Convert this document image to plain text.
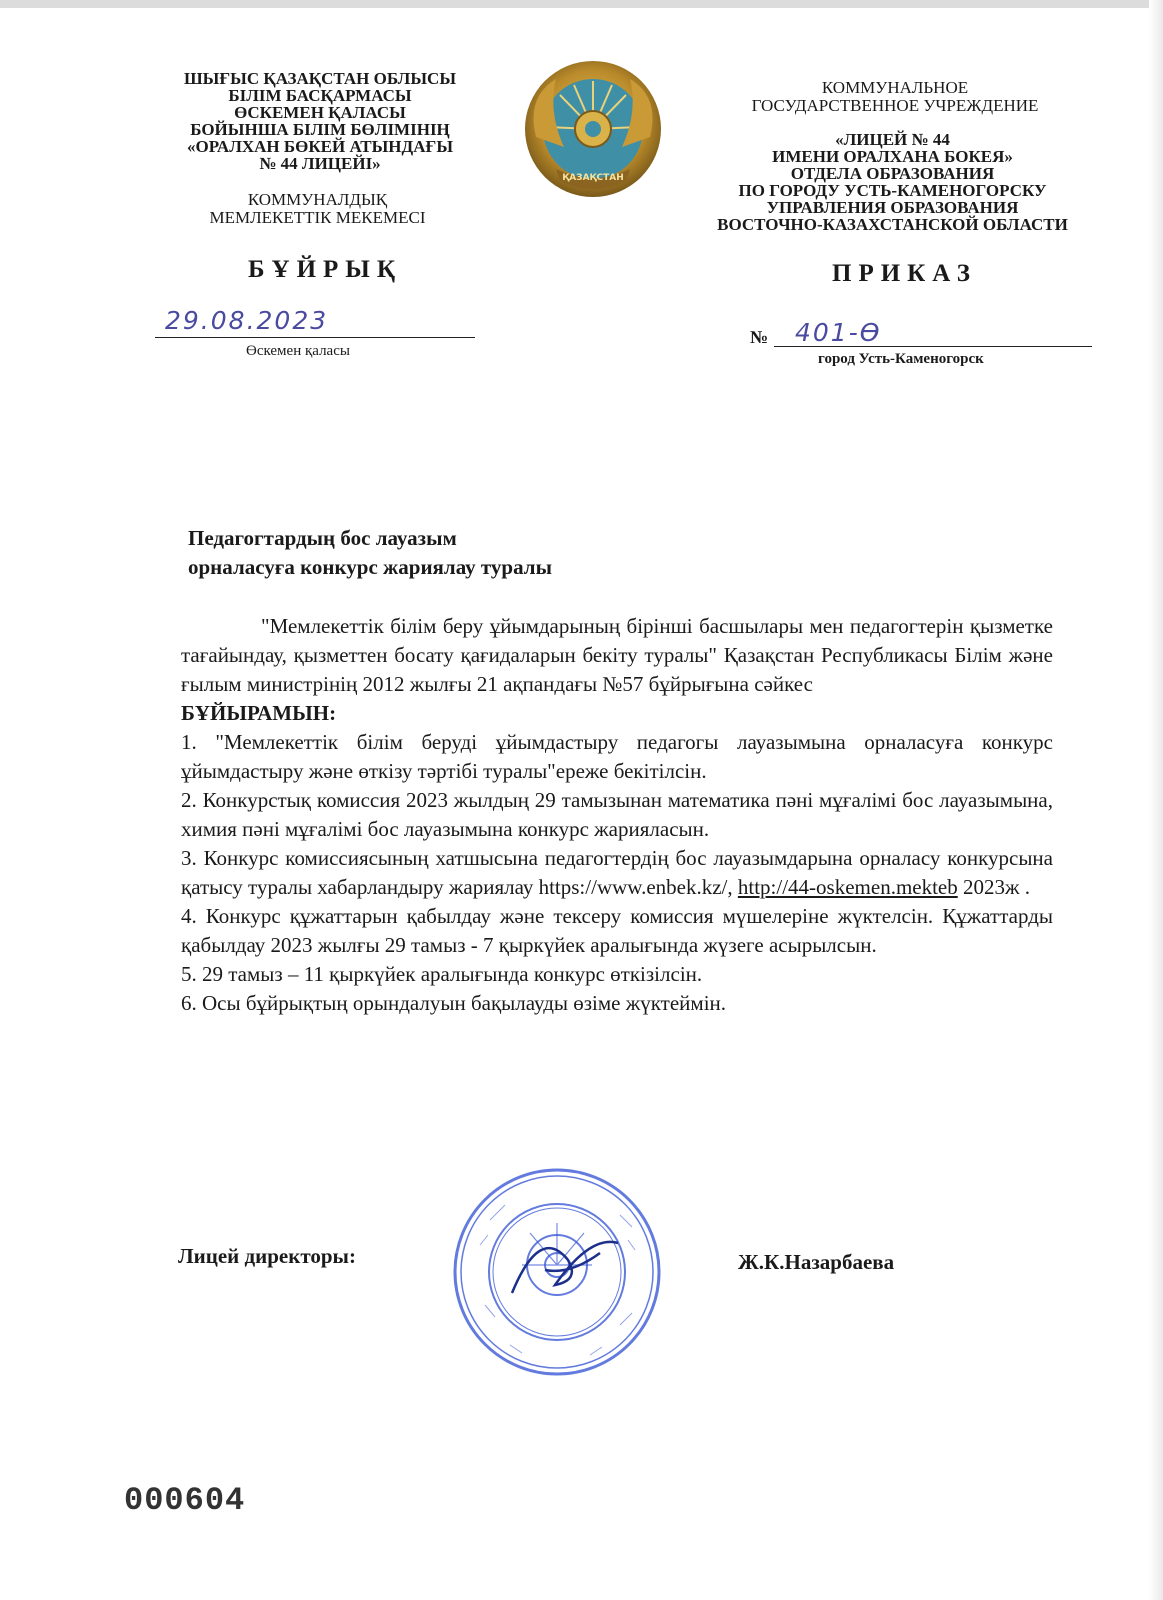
ШЫҒЫС ҚАЗАҚСТАН ОБЛЫСЫ
БІЛІМ БАСҚАРМАСЫ
ӨСКЕМЕН ҚАЛАСЫ
БОЙЫНША БІЛІМ БӨЛІМІНІҢ
«ОРАЛХАН БӨКЕЙ АТЫНДАҒЫ
№ 44 ЛИЦЕЙІ»
КОММУНАЛДЫҚ
МЕМЛЕКЕТТІК МЕКЕМЕСІ
ҚАЗАҚСТАН
КОММУНАЛЬНОЕ
ГОСУДАРСТВЕННОЕ УЧРЕЖДЕНИЕ
«ЛИЦЕЙ № 44
ИМЕНИ ОРАЛХАНА БОКЕЯ»
ОТДЕЛА ОБРАЗОВАНИЯ
ПО ГОРОДУ УСТЬ-КАМЕНОГОРСКУ
УПРАВЛЕНИЯ ОБРАЗОВАНИЯ
ВОСТОЧНО-КАЗАХСТАНСКОЙ ОБЛАСТИ
БҰЙРЫҚ	ПРИКАЗ
29.08.2023
Өскемен қаласы
№ 401-Ө
город Усть-Каменогорск
Педагогтардың бос лауазым
орналасуға конкурс жариялау туралы

"Мемлекеттік білім беру ұйымдарының бірінші басшылары мен педагогтерін қызметке тағайындау, қызметтен босату қағидаларын бекіту туралы" Қазақстан Республикасы Білім және ғылым министрінің 2012 жылғы 21 ақпандағы №57 бұйрығына сәйкес

БҰЙЫРАМЫН:

1. "Мемлекеттік білім беруді ұйымдастыру педагогы лауазымына орналасуға конкурс ұйымдастыру және өткізу тәртібі туралы"ереже бекітілсін.

2. Конкурстық комиссия 2023 жылдың 29 тамызынан математика пәні мұғалімі бос лауазымына, химия пәні мұғалімі бос лауазымына конкурс жарияласын.

3. Конкурс комиссиясының хатшысына педагогтердің бос лауазымдарына орналасу конкурсына қатысу туралы хабарландыру жариялау https://www.enbek.kz/, http://44-oskemen.mekteb 2023ж .

4. Конкурс құжаттарын қабылдау және тексеру комиссия мүшелеріне жүктелсін. Құжаттарды қабылдау 2023 жылғы 29 тамыз - 7 қыркүйек аралығында жүзеге асырылсын.

5. 29 тамыз – 11 қыркүйек аралығында конкурс өткізілсін.

6. Осы бұйрықтың орындалуын бақылауды өзіме жүктеймін.

Лицей директоры:	Ж.К.Назарбаева
000604
